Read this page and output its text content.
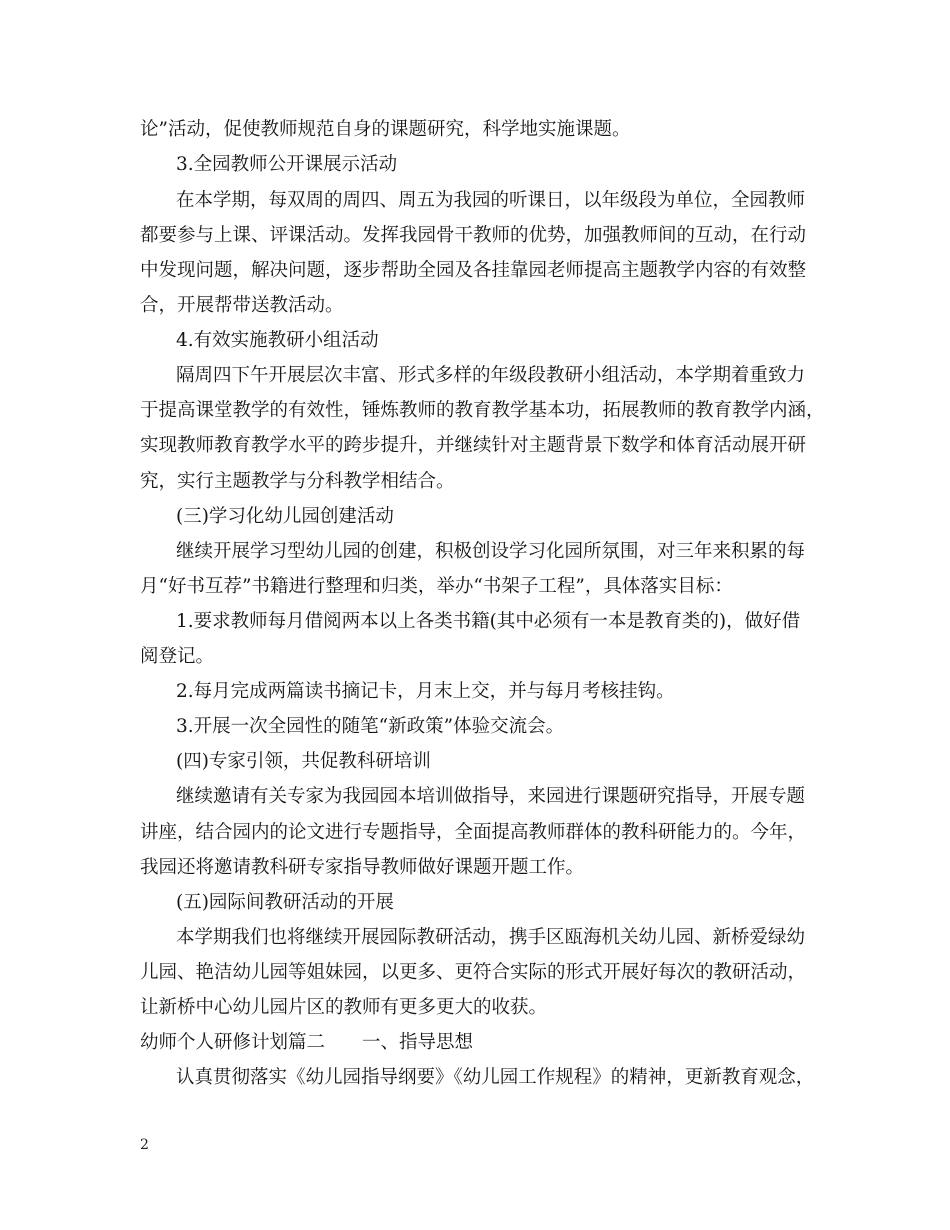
论”活动，促使教师规范自身的课题研究，科学地实施课题。
3.全园教师公开课展示活动
在本学期，每双周的周四、周五为我园的听课日，以年级段为单位，全园教师
都要参与上课、评课活动。发挥我园骨干教师的优势，加强教师间的互动，在行动
中发现问题，解决问题，逐步帮助全园及各挂靠园老师提高主题教学内容的有效整
合，开展帮带送教活动。
4.有效实施教研小组活动
隔周四下午开展层次丰富、形式多样的年级段教研小组活动，本学期着重致力
于提高课堂教学的有效性，锤炼教师的教育教学基本功，拓展教师的教育教学内涵，
实现教师教育教学水平的跨步提升，并继续针对主题背景下数学和体育活动展开研
究，实行主题教学与分科教学相结合。
(三)学习化幼儿园创建活动
继续开展学习型幼儿园的创建，积极创设学习化园所氛围，对三年来积累的每
月“好书互荐”书籍进行整理和归类，举办“书架子工程”，具体落实目标：
1.要求教师每月借阅两本以上各类书籍(其中必须有一本是教育类的)，做好借
阅登记。
2.每月完成两篇读书摘记卡，月末上交，并与每月考核挂钩。
3.开展一次全园性的随笔“新政策”体验交流会。
(四)专家引领，共促教科研培训
继续邀请有关专家为我园园本培训做指导，来园进行课题研究指导，开展专题
讲座，结合园内的论文进行专题指导，全面提高教师群体的教科研能力的。今年，
我园还将邀请教科研专家指导教师做好课题开题工作。
(五)园际间教研活动的开展
本学期我们也将继续开展园际教研活动，携手区瓯海机关幼儿园、新桥爱绿幼
儿园、艳洁幼儿园等姐妹园，以更多、更符合实际的形式开展好每次的教研活动，
让新桥中心幼儿园片区的教师有更多更大的收获。
幼师个人研修计划篇二　　一、指导思想
认真贯彻落实《幼儿园指导纲要》《幼儿园工作规程》的精神，更新教育观念，
2
